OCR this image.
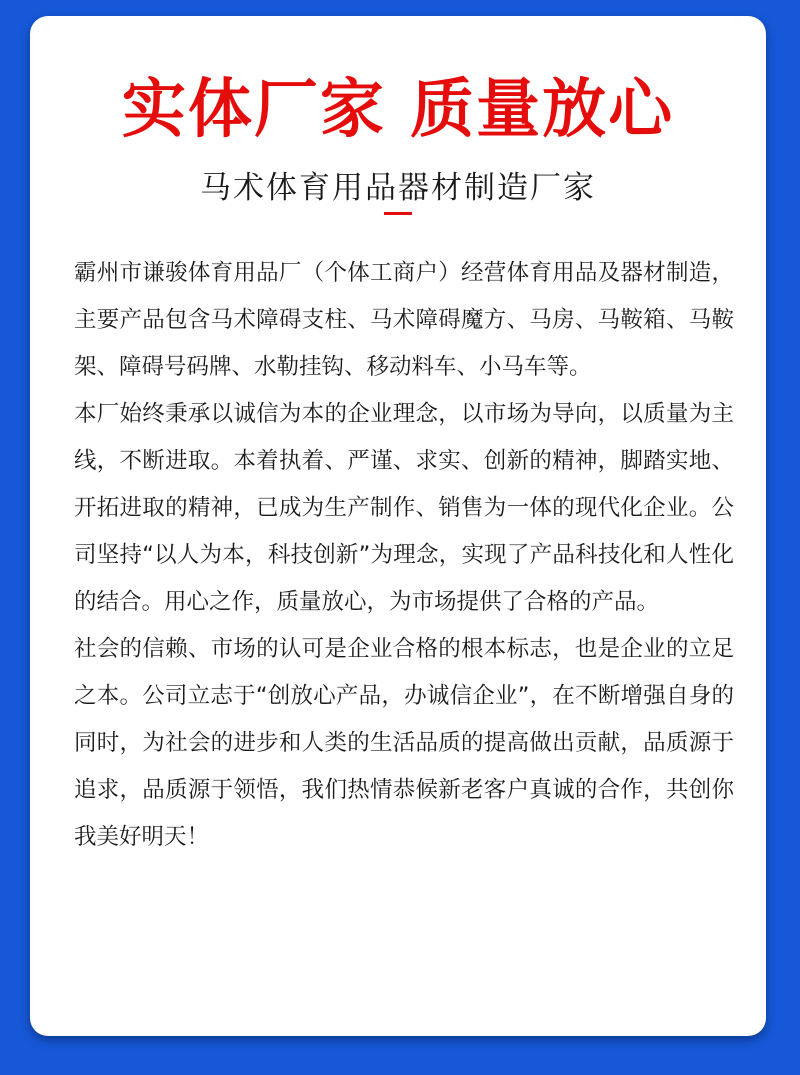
实体厂家 质量放心
马术体育用品器材制造厂家

霸州市谦骏体育用品厂（个体工商户）经营体育用品及器材制造，主要产品包含马术障碍支柱、马术障碍魔方、马房、马鞍箱、马鞍架、障碍号码牌、水勒挂钩、移动料车、小马车等。

本厂始终秉承以诚信为本的企业理念，以市场为导向，以质量为主线，不断进取。本着执着、严谨、求实、创新的精神，脚踏实地、开拓进取的精神，已成为生产制作、销售为一体的现代化企业。公司坚持“以人为本，科技创新”为理念，实现了产品科技化和人性化的结合。用心之作，质量放心，为市场提供了合格的产品。

社会的信赖、市场的认可是企业合格的根本标志，也是企业的立足之本。公司立志于“创放心产品，办诚信企业”，在不断增强自身的同时，为社会的进步和人类的生活品质的提高做出贡献，品质源于追求，品质源于领悟，我们热情恭候新老客户真诚的合作，共创你我美好明天！
